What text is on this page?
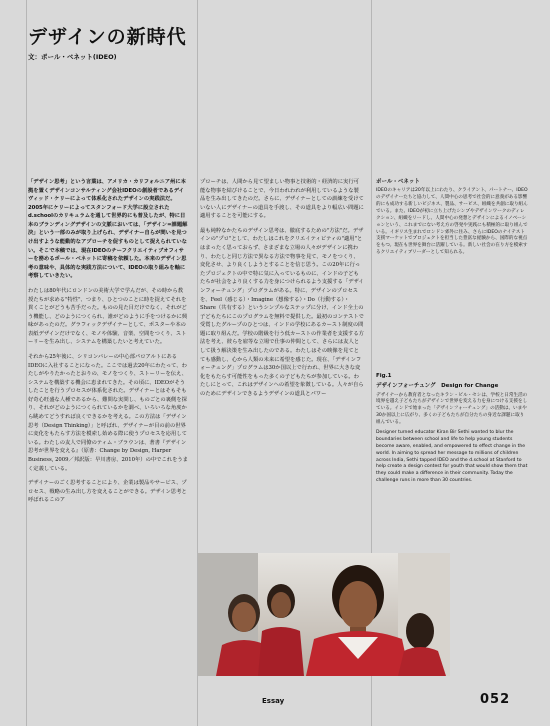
デザインの新時代
文：ポール・ベネット(IDEO)

「デザイン思考」という言葉は、アメリカ・カリフォルニア州に本拠を置くデザインコンサルティング会社IDEOの創設者であるデイヴィッド・ケリーによって体系化されたデザインの実践法だ。2005年にケリーによってスタンフォード大学に設立されたd.schoolのカリキュラムを通して世界的にも普及したが、特に日本のブランディングデザインの文脈においては、「デザイン=課題解決」という一部のみが取り上げられ、デザイナー自らが問いを見つけ出すような能動的なアプローチを促すものとして捉えられていない。そこで本稿では、現在IDEOのチーフクリエイティブオフィサーを務めるポール・ベネットに寄稿を依頼した。本来のデザイン思考の意味や、具体的な実践方法について、IDEOの取り組みを軸に考察していきたい。

わたしは80年代にロンドンの美術大学で学んだが、その時から教授たちが求める"特性"、つまり、ひとつのことに時を捉えてそれを貫くことがどうも苦手だった。ものの見た目だけでなく、それがどう機能し、どのようにつくられ、誰がどのように手をつけるかに興味があったのだ。グラフィックデザイナーとして、ポスターや本の表紙デザインだけでなく、モノや体験、音楽、空間をつくり、ストーリーを生み出し、システムを構築したいと考えていた。

それから25年後に、シリコンバレーの中心部パロアルトにあるIDEOに入社することになった。ここでは過去20年にわたって、わたしがやりたかったとおりの、モノをつくり、ストーリーを伝え、システムを構築する機会に恵まれてきた。その頃に、IDEOがそうしたことを行うプロセスが体系化された。デザイナーとはそもそも好奇心旺盛な人種であるから、難問な実問し、ものごとの裏側を探り、それがどのようにつくられているかを調べ、いろいろな角度から眺めてどうすれば良くできるかを考える。この方法は「デザイン思考（Design Thinking）」と呼ばれ、デザイナーが目の前の世界に変化をもたらす方法を模索し始める際に使うプロセスを応用している。わたしの友人で同僚のティム・ブラウンは、著書『デザイン思考が世界を変える』（原書：Change by Design, Harper Business, 2009／邦訳版：早川書房、2010年）の中でこれをうまく定義している。

デザイナーのごく思考することにより、企業は製品やサービス、プロセス、戦略の生み出し方を変えることができる。デザイン思考と呼ばれるこのア

プローチは、人間から見て望ましい物事と技術的・経済的に実行可能な物事を結びけることで、今日われわれが利用しているような製品を生み出してきたのだ。さらに、デザイナーとしての訓練を受けていない人にデザイナーの道具を手渡し、その道具をより幅広い問題に適用することを可能にする。

最も純粋なかたちのデザイン思考は、徹底するための"方法"だ。デザインの"プロ"として、わたしはこれをクリエイティビティの"適用"とはまったく思っておらず、さまざまな立場の人々がデザインに携わり、わたしと同じ方法で異なる方法で物事を見て、モノをつくり、変化させ、より良くしようとすることを信じ思う。この20年に行ったプロジェクトの中で特に気に入っているものに、インドの子どもたちが社会をより良くする力を身につけられるよう支援する「デザインフォーチュング」プログラムがある。特に、デザインのプロセスを、Feel（感じる）・Imagine（想像する）・Do（行動する）・Share（共有する）というシンプルなステップに分け、インド全土の子どもたちにこのプログラムを無料で提供した。最初のコンテストで受賞したグループのひとつは、インドの学校にあるカースト制度の問題に取り組んだ。学校の階級を行う低カーストの作業者を支援する方法を考え、彼らを雇等な立場で仕事の仲間として、さらには友人として扱う解決策を生み出したのである。わたしはその映像を見てとても感動し、心から人類の未来に希望を感じた。現在、「デザインフォーチュング」プログラムは30か国以上で行われ、世界に大きな変化をもたらす可能性をもった多くの子どもたちが参加している。わたしにとって、これはデザインへの希望を象徴している。人々が自らのためにデザインできるようデザインの道具とパワー

ポール・ベネット

IDEOのキャリアは20年以上にわたり、クライアント、パートナー、IDEOのデザイナーたちと協力して、人間中心の思考で社会的に意義がある影響的にも成功する新しいビジネス、製品、サービス、組織を共創に取り組んでいる。また、IDEOが初に立ち上げたシンプやデザインワークのディレクション、組織をリードし、人間中心の発想とデザインによるイノベーションという、これまでにない考え方の啓発や実践にも積極的に取り組んでいる。イギリス生まれでロンドン郊外に住み、さらにIDEOのナイテスト支援マーケットでプロジェクトを担当した豊富な経験から、国際的な視点をもつ。現在も世界を舞台に活躍している。新しい社会の在り方を模索するクリエイティブリーダーとして知られる。

Fig.1
デザインフォーチュング　Design for Change

デザイナーから教育者となったキラン・ビル・セシは、学校と日常生活の境界を越え子どもたちがデザインで世界を変える力を身につける支援をしている。インドで始まった「デザインフォーチュング」の活動は、いまや30か国以上に広がり、多くの子どもたちが自分たちの身近な課題に取り組んでいる。

Designer turned educator Kiran Bir Sethi wanted to blur the boundaries between school and life to help young students become aware, enabled, and empowered to effect change in the world. In aiming to spread her message to millions of children across India, Sethi tapped IDEO and the d.school at Stanford to help create a design contest for youth that would show them that they could make a difference in their community. Today the challenge runs in more than 30 countries.

Essay	052
